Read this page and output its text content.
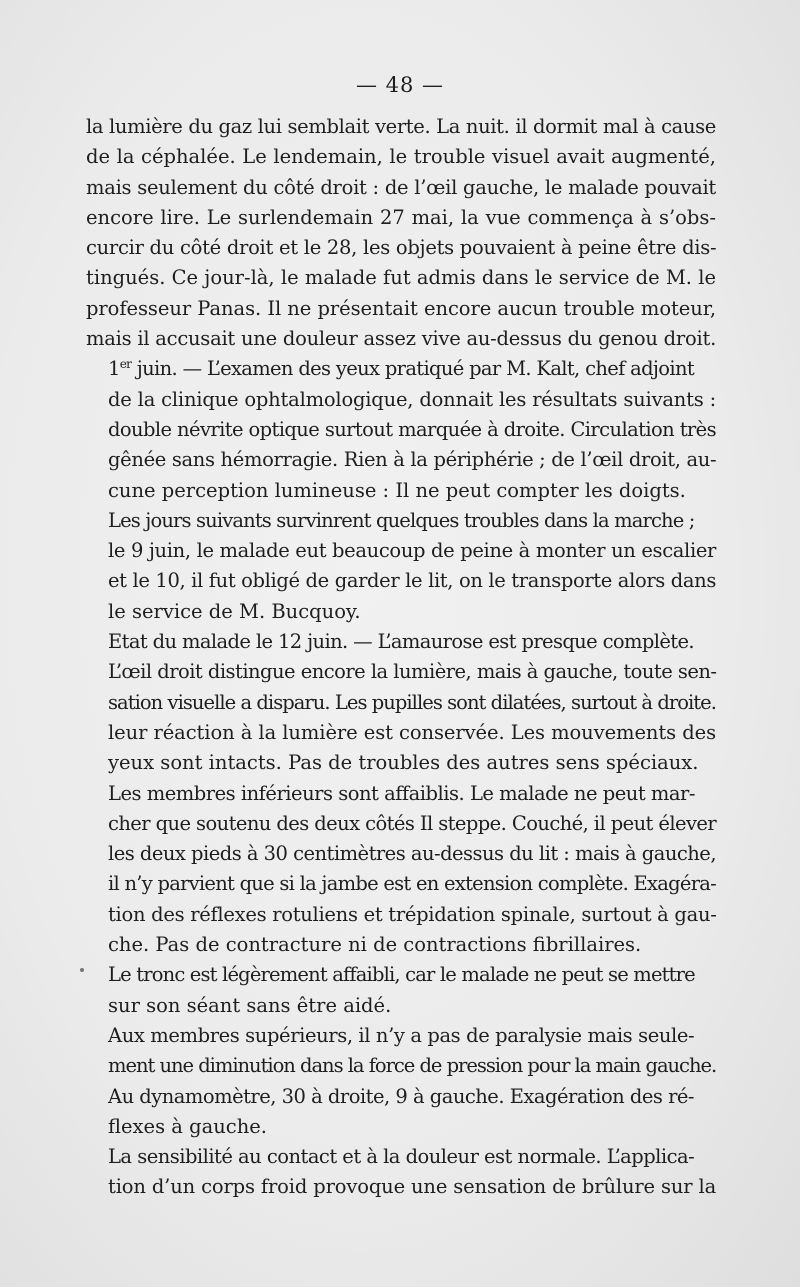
— 48 —

la lumière du gaz lui semblait verte. La nuit. il dormit mal à cause
de la céphalée. Le lendemain, le trouble visuel avait augmenté,
mais seulement du côté droit : de l’œil gauche, le malade pouvait
encore lire. Le surlendemain 27 mai, la vue commença à s’obs-
curcir du côté droit et le 28, les objets pouvaient à peine être dis-
tingués. Ce jour-là, le malade fut admis dans le service de M. le
professeur Panas. Il ne présentait encore aucun trouble moteur,
mais il accusait une douleur assez vive au-dessus du genou droit.

1er juin. — L’examen des yeux pratiqué par M. Kalt, chef adjoint
de la clinique ophtalmologique, donnait les résultats suivants :
double névrite optique surtout marquée à droite. Circulation très
gênée sans hémorragie. Rien à la périphérie ; de l’œil droit, au-
cune perception lumineuse : Il ne peut compter les doigts.

Les jours suivants survinrent quelques troubles dans la marche ;
le 9 juin, le malade eut beaucoup de peine à monter un escalier
et le 10, il fut obligé de garder le lit, on le transporte alors dans
le service de M. Bucquoy.

Etat du malade le 12 juin. — L’amaurose est presque complète.
L’œil droit distingue encore la lumière, mais à gauche, toute sen-
sation visuelle a disparu. Les pupilles sont dilatées, surtout à droite.
leur réaction à la lumière est conservée. Les mouvements des
yeux sont intacts. Pas de troubles des autres sens spéciaux.

Les membres inférieurs sont affaiblis. Le malade ne peut mar-
cher que soutenu des deux côtés Il steppe. Couché, il peut élever
les deux pieds à 30 centimètres au-dessus du lit : mais à gauche,
il n’y parvient que si la jambe est en extension complète. Exagéra-
tion des réflexes rotuliens et trépidation spinale, surtout à gau-
che. Pas de contracture ni de contractions fibrillaires.

Le tronc est légèrement affaibli, car le malade ne peut se mettre
sur son séant sans être aidé.

Aux membres supérieurs, il n’y a pas de paralysie mais seule-
ment une diminution dans la force de pression pour la main gauche.

Au dynamomètre, 30 à droite, 9 à gauche. Exagération des ré-
flexes à gauche.

La sensibilité au contact et à la douleur est normale. L’applica-
tion d’un corps froid provoque une sensation de brûlure sur la
